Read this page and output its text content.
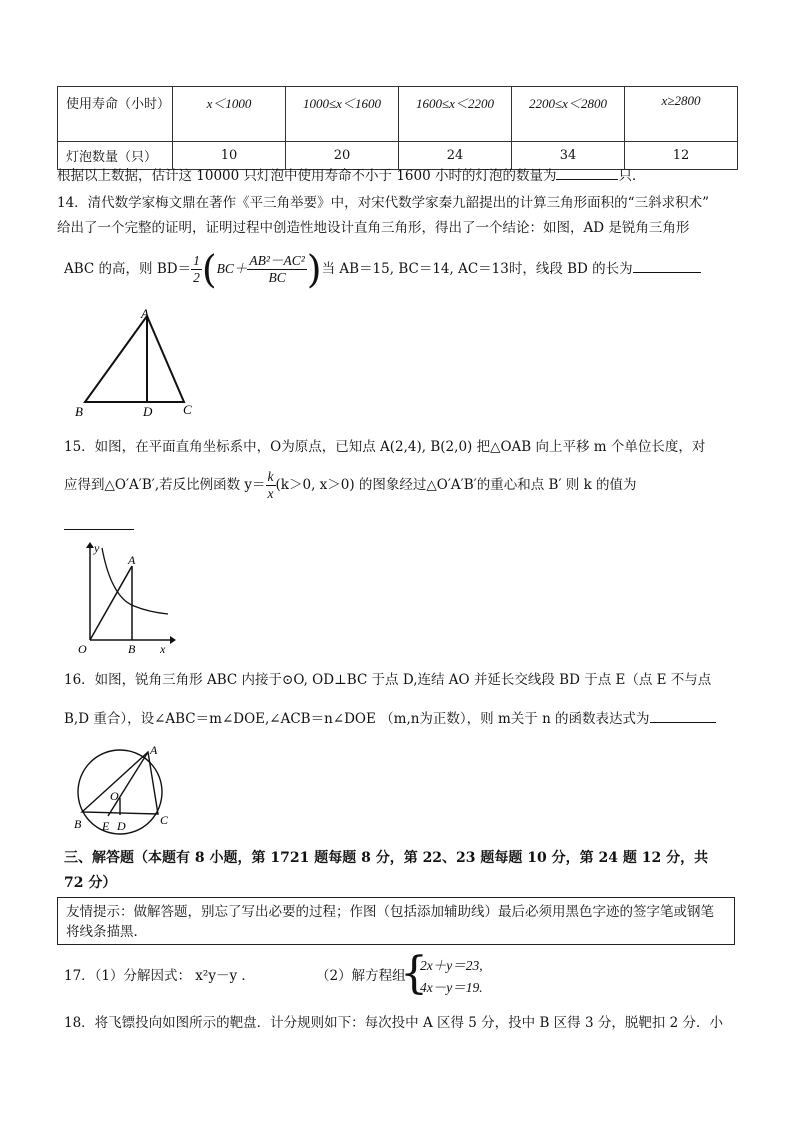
使用寿命（小时）	x＜1000	1000≤x＜1600	1600≤x＜2200	2200≤x＜2800	x≥2800
灯泡数量（只）	10	20	24	34	12
根据以上数据，估计这 10000 只灯泡中使用寿命不小于 1600 小时的灯泡的数量为	只．
14．清代数学家梅文鼎在著作《平三角举要》中，对宋代数学家秦九韶提出的计算三角形面积的“三斜求积术”
给出了一个完整的证明，证明过程中创造性地设计直角三角形，得出了一个结论：如图，AD 是锐角三角形
ABC 的高，则 $BD= \frac{1}{2} (BC+ \frac{\text{AB²－AC²}}{BC}$ )当 AB＝15, BC＝14, AC＝13时，线段 BD 的长为
A
B	D C
15．如图，在平面直角坐标系中，O为原点，已知点 A(2,4), B(2,0) 把△OAB 向上平移 m 个单位长度，对
应得到△O′A′B′,若反比例函数 $y= \frac{k}{x} (k>0$, x＞0) 的图象经过△O′A′B′的重心和点 B′ 则 k 的值为
y
A
O	B x
16．如图，锐角三角形 ABC 内接于⊙O, OD⊥BC 于点 D,连结 AO 并延长交线段 BD 于点 E（点 E 不与点
B,D 重合），设∠ABC＝m∠DOE,∠ACB＝n∠DOE （m,n为正数），则 m关于 n 的函数表达式为
A
O
B E D	C
三、解答题（本题有 8 小题，第 1721 题每题 8 分，第 22、23 题每题 10 分，第 24 题 12 分，共
72 分）
友情提示：做解答题，别忘了写出必要的过程；作图（包括添加辅助线）最后必须用黑色字迹的签字笔或钢笔
将线条描黑．
17．（1）分解因式： x²y－y ．	（2）解方程组
{
2x＋y＝23,
4x－y＝19.
18．将飞镖投向如图所示的靶盘．计分规则如下：每次投中 A 区得 5 分，投中 B 区得 3 分，脱靶扣 2 分．小
